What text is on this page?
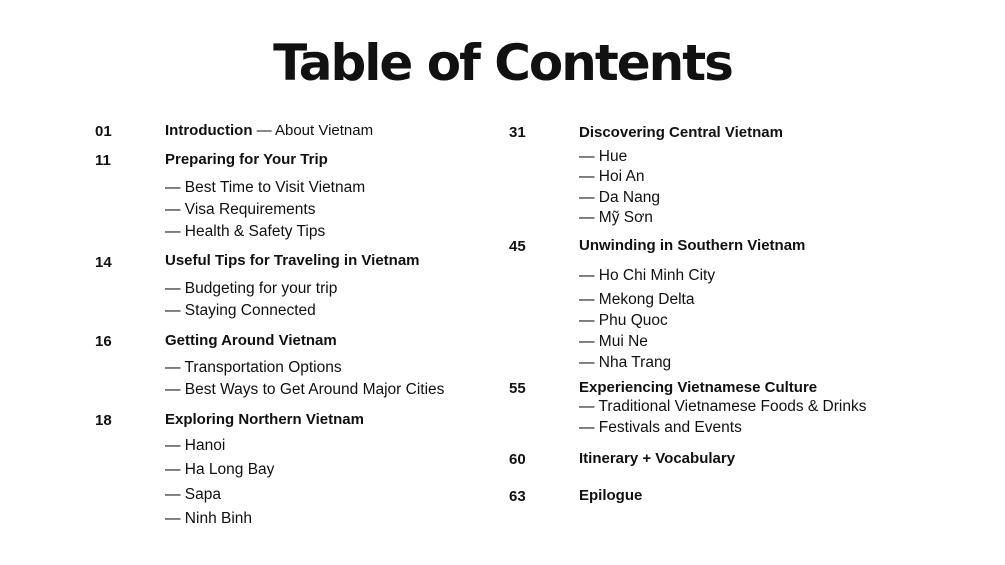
Table of Contents
01	Introduction — About Vietnam
11	Preparing for Your Trip
— Best Time to Visit Vietnam
— Visa Requirements
— Health & Safety Tips
14	Useful Tips for Traveling in Vietnam
— Budgeting for your trip
— Staying Connected
16	Getting Around Vietnam
— Transportation Options
— Best Ways to Get Around Major Cities
18	Exploring Northern Vietnam
— Hanoi
— Ha Long Bay
— Sapa
— Ninh Binh
31	Discovering Central Vietnam
— Hue
— Hoi An
— Da Nang
— Mỹ Sơn
45	Unwinding in Southern Vietnam
— Ho Chi Minh City
— Mekong Delta
— Phu Quoc
— Mui Ne
— Nha Trang
55	Experiencing Vietnamese Culture
— Traditional Vietnamese Foods & Drinks
— Festivals and Events
60	Itinerary + Vocabulary
63	Epilogue
